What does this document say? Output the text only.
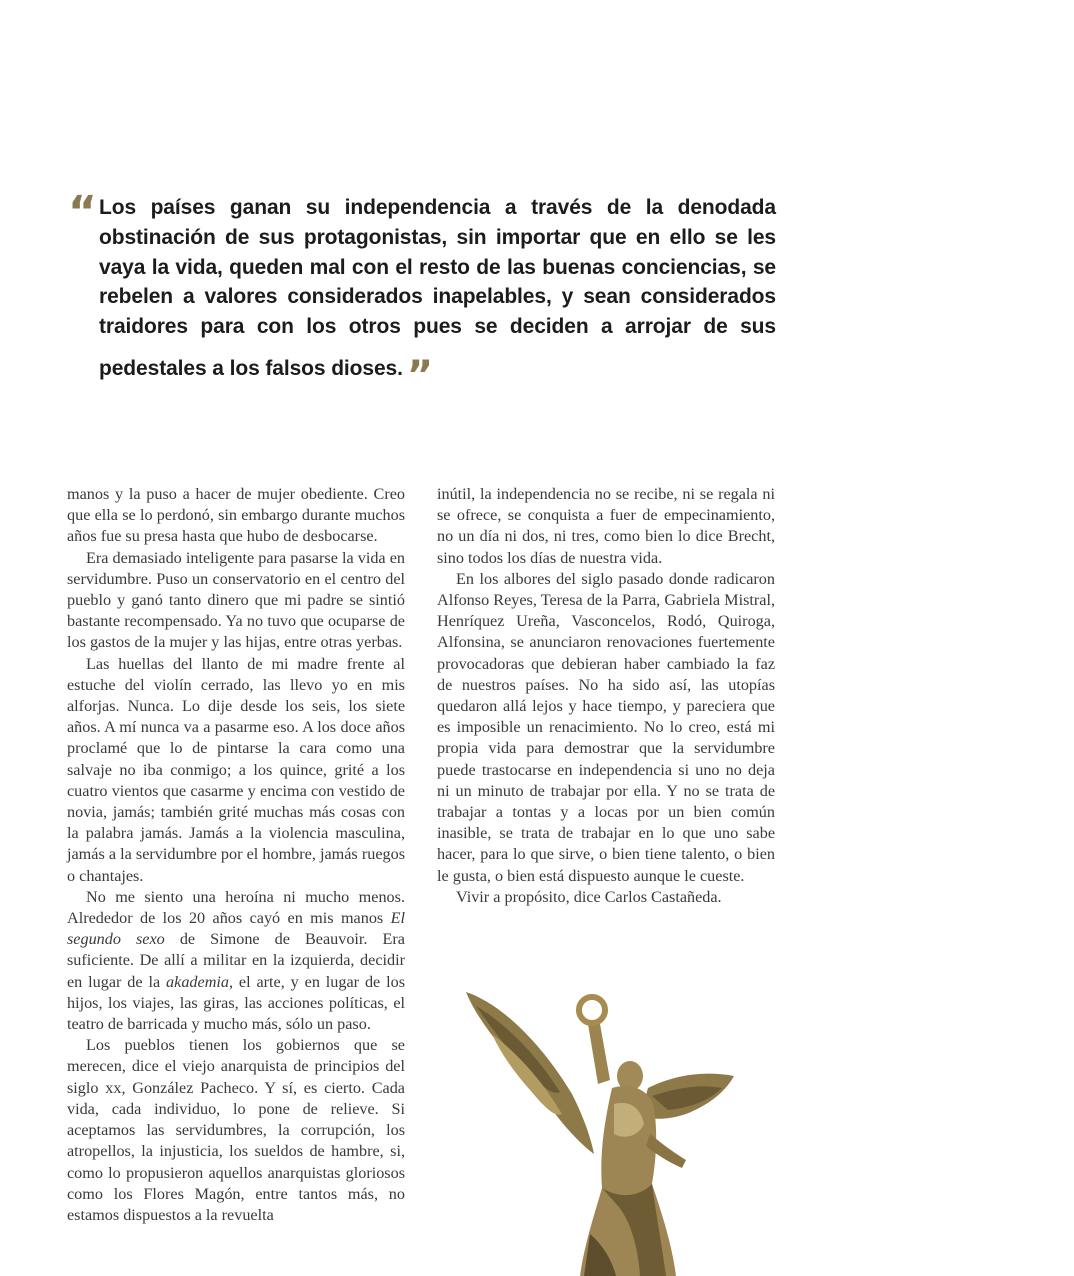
“ Los países ganan su independencia a través de la denodada obstinación de sus protagonistas, sin importar que en ello se les vaya la vida, queden mal con el resto de las buenas conciencias, se rebelen a valores considerados inapelables, y sean considerados traidores para con los otros pues se deciden a arrojar de sus pedestales a los falsos dioses. ”

manos y la puso a hacer de mujer obediente. Creo que ella se lo perdonó, sin embargo durante muchos años fue su presa hasta que hubo de desbocarse.

Era demasiado inteligente para pasarse la vida en servidumbre. Puso un conservatorio en el centro del pueblo y ganó tanto dinero que mi padre se sintió bastante recompensado. Ya no tuvo que ocuparse de los gastos de la mujer y las hijas, entre otras yerbas.

Las huellas del llanto de mi madre frente al estuche del violín cerrado, las llevo yo en mis alforjas. Nunca. Lo dije desde los seis, los siete años. A mí nunca va a pasarme eso. A los doce años proclamé que lo de pintarse la cara como una salvaje no iba conmigo; a los quince, grité a los cuatro vientos que casarme y encima con vestido de novia, jamás; también grité muchas más cosas con la palabra jamás. Jamás a la violencia masculina, jamás a la servidumbre por el hombre, jamás ruegos o chantajes.

No me siento una heroína ni mucho menos. Alrededor de los 20 años cayó en mis manos El segundo sexo de Simone de Beauvoir. Era suficiente. De allí a militar en la izquierda, decidir en lugar de la akademia, el arte, y en lugar de los hijos, los viajes, las giras, las acciones políticas, el teatro de barricada y mucho más, sólo un paso.

Los pueblos tienen los gobiernos que se merecen, dice el viejo anarquista de principios del siglo xx, González Pacheco. Y sí, es cierto. Cada vida, cada individuo, lo pone de relieve. Si aceptamos las servidumbres, la corrupción, los atropellos, la injusticia, los sueldos de hambre, si, como lo propusieron aquellos anarquistas gloriosos como los Flores Magón, entre tantos más, no estamos dispuestos a la revuelta

inútil, la independencia no se recibe, ni se regala ni se ofrece, se conquista a fuer de empecinamiento, no un día ni dos, ni tres, como bien lo dice Brecht, sino todos los días de nuestra vida.

En los albores del siglo pasado donde radicaron Alfonso Reyes, Teresa de la Parra, Gabriela Mistral, Henríquez Ureña, Vasconcelos, Rodó, Quiroga, Alfonsina, se anunciaron renovaciones fuertemente provocadoras que debieran haber cambiado la faz de nuestros países. No ha sido así, las utopías quedaron allá lejos y hace tiempo, y pareciera que es imposible un renacimiento. No lo creo, está mi propia vida para demostrar que la servidumbre puede trastocarse en independencia si uno no deja ni un minuto de trabajar por ella. Y no se trata de trabajar a tontas y a locas por un bien común inasible, se trata de trabajar en lo que uno sabe hacer, para lo que sirve, o bien tiene talento, o bien le gusta, o bien está dispuesto aunque le cueste.

Vivir a propósito, dice Carlos Castañeda.
